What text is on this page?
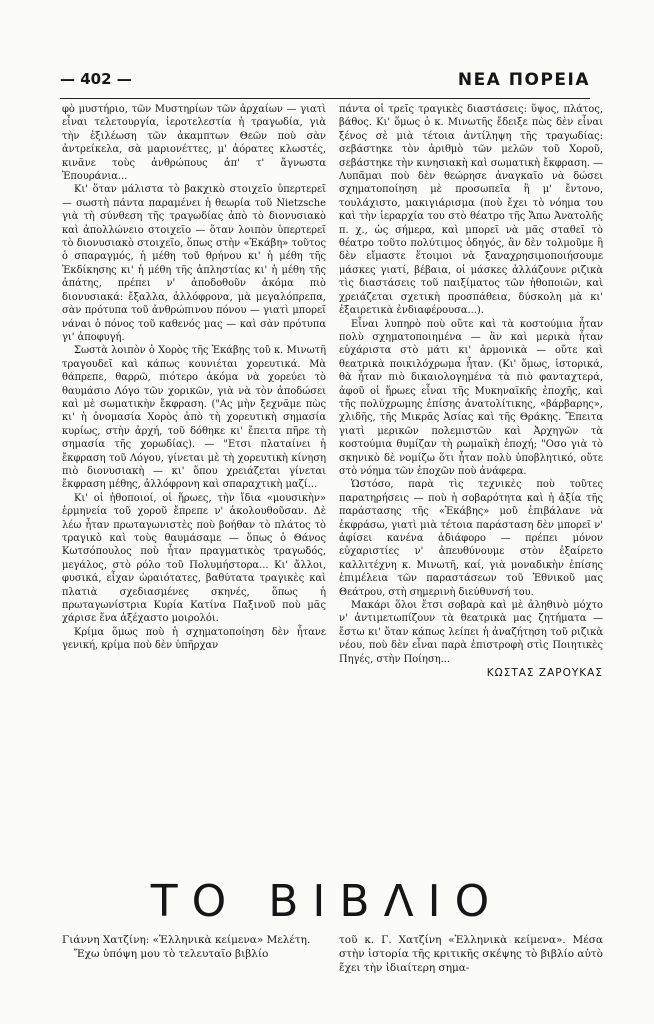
— 402 —	ΝΕΑ ΠΟΡΕΙΑ

φὸ μυστήριο, τῶν Μυστηρίων τῶν ἀρχαίων — γιατὶ εἶναι τελετουργία, ἱεροτελεστία ἡ τραγωδία, γιὰ τὴν ἐξιλέωση τῶν ἀκαμπτων Θεῶν ποὺ σὰν ἀντρείκελα, σὰ μαριονέττες, μ' ἀόρατες κλωστές, κινᾶνε τοὺς ἀνθρώπους ἀπ' τ' ἄγνωστα Ἐπουράνια...

Κι' ὅταν μάλιστα τὸ βακχικὸ στοιχεῖο ὑπερτερεῖ — σωστὴ πάντα παραμένει ἡ θεωρία τοῦ Nietzsche γιὰ τὴ σύνθεση τῆς τραγωδίας ἀπὸ τὸ διονυσιακὸ καὶ ἀπολλώνειο στοιχεῖο — ὅταν λοιπὸν ὑπερτερεῖ τὸ διονυσιακὸ στοιχεῖο, ὅπως στὴν «Ἑκάβη» τοῦτος ὁ σπαραγμός, ἡ μέθη τοῦ θρήνου κι' ἡ μέθη τῆς Ἐκδίκησης κι' ἡ μέθη τῆς ἀπληστίας κι' ἡ μέθη τῆς ἀπάτης, πρέπει ν' ἀποδοθοῦν ἀκόμα πιὸ διονυσιακά: ἔξαλλα, ἀλλόφρονα, μὰ μεγαλόπρεπα, σὰν πρότυπα τοῦ ἀνθρώπινου πόνου — γιατὶ μπορεῖ νάναι ὁ πόνος τοῦ καθενός μας — καὶ σὰν πρότυπα γι' ἀποφυγή.

Σωστὰ λοιπὸν ὁ Χορὸς τῆς Ἑκάβης τοῦ κ. Μινωτῆ τραγουδεῖ καὶ κάπως κουνιέται χορευτικά. Μὰ θάπρεπε, θαρρῶ, πιότερο ἀκόμα νὰ χορεύει τὸ θαυμάσιο Λόγο τῶν χορικῶν, γιὰ νὰ τὸν ἀποδώσει καὶ μὲ σωματικὴν ἔκφραση. ("Ας μὴν ξεχνᾶμε πὼς κι' ἡ ὀνομασία Χορὸς ἀπὸ τὴ χορευτικὴ σημασία κυρίως, στὴν ἀρχή, τοῦ δόθηκε κι' ἔπειτα πῆρε τὴ σημασία τῆς χορωδίας). — "Ετσι πλαταίνει ἡ ἔκφραση τοῦ Λόγου, γίνεται μὲ τὴ χορευτικὴ κίνηση πιὸ διονυσιακὴ — κι' ὅπου χρειάζεται γίνεται ἔκφραση μέθης, ἀλλόφρονη καὶ σπαραχτικὴ μαζί...

Κι' οἱ ἠθοποιοί, οἱ ἥρωες, τὴν ἴδια «μουσικὴν» ἑρμηνεία τοῦ χοροῦ ἔπρεπε ν' ἀκολουθοῦσαν. Δὲ λέω ἦταν πρωταγωνιστὲς ποὺ βοήθαν τὸ πλάτος τὸ τραγικὸ καὶ τοὺς θαυμάσαμε — ὅπως ὁ Θάνος Κωτσόπουλος ποὺ ἦταν πραγματικὸς τραγωδός, μεγάλος, στὸ ρόλο τοῦ Πολυμήστορα... Κι' ἄλλοι, φυσικά, εἶχαν ὡραιότατες, βαθύτατα τραγικὲς καὶ πλατιὰ σχεδιασμένες σκηνές, ὅπως ἡ πρωταγωνίστρια Κυρία Κατίνα Παξινοῦ ποὺ μᾶς χάρισε ἕνα ἀξέχαστο μοιρολόι.

Κρίμα ὅμως ποὺ ἡ σχηματοποίηση δὲν ἦτανε γενική, κρίμα ποὺ δὲν ὑπῆρχαν

πάντα οἱ τρεῖς τραγικὲς διαστάσεις: ὕψος, πλάτος, βάθος. Κι' ὅμως ὁ κ. Μινωτῆς ἔδειξε πὼς δὲν εἶναι ξένος σὲ μιὰ τέτοια ἀντίληψη τῆς τραγωδίας: σεβάστηκε τὸν ἀριθμὸ τῶν μελῶν τοῦ Χοροῦ, σεβάστηκε τὴν κινησιακὴ καὶ σωματικὴ ἔκφραση. — Λυπᾶμαι ποὺ δὲν θεώρησε ἀναγκαῖο νὰ δώσει σχηματοποίηση μὲ προσωπεῖα ἢ μ' ἔντονο, τουλάχιστο, μακιγιάρισμα (ποὺ ἔχει τὸ νόημα του καὶ τὴν ἱεραρχία του στὸ θέατρο τῆς Ἄπω Ἀνατολῆς π. χ., ὡς σήμερα, καὶ μπορεῖ νὰ μᾶς σταθεῖ τὸ θέατρο τοῦτο πολύτιμος ὁδηγός, ἂν δὲν τολμοῦμε ἢ δὲν εἴμαστε ἕτοιμοι νὰ ξαναχρησιμοποιήσουμε μάσκες γιατί, βέβαια, οἱ μάσκες ἀλλάζουνε ριζικὰ τὶς διαστάσεις τοῦ παιξίματος τῶν ἠθοποιῶν, καὶ χρειάζεται σχετικὴ προσπάθεια, δύσκολη μὰ κι' ἐξαιρετικὰ ἐνδιαφέρουσα...).

Εἶναι λυπηρὸ ποὺ οὔτε καὶ τὰ κοστούμια ἦταν πολὺ σχηματοποιημένα — ἂν καὶ μερικὰ ἦταν εὐχάριστα στὸ μάτι κι' ἁρμονικὰ — οὔτε καὶ θεατρικὰ ποικιλόχρωμα ἦταν. (Κι' ὅμως, ἱστορικά, θὰ ἦταν πιὸ δικαιολογημένα τὰ πιὸ φανταχτερά, ἀφοῦ οἱ ἥρωες εἶναι τῆς Μυκηναϊκῆς ἐποχῆς, καὶ τῆς πολύχρωμης ἐπίσης ἀνατολίτικης, «βάρβαρης», χλιδῆς, τῆς Μικρᾶς Ἀσίας καὶ τῆς Θράκης. Ἔπειτα γιατὶ μερικῶν πολεμιστῶν καὶ Ἀρχηγῶν τὰ κοστούμια θυμίζαν τὴ ρωμαϊκὴ ἐποχή; "Οσο γιὰ τὸ σκηνικὸ δὲ νομίζω ὅτι ἦταν πολὺ ὑποβλητικό, οὔτε στὸ νόημα τῶν ἐποχῶν ποὺ ἀνάφερα.

Ὡστόσο, παρὰ τὶς τεχνικὲς ποὺ τοῦτες παρατηρήσεις — ποὺ ἡ σοβαρότητα καὶ ἡ ἀξία τῆς παράστασης τῆς «Ἑκάβης» μοῦ ἐπιβάλανε νὰ ἐκφράσω, γιατὶ μιὰ τέτοια παράσταση δὲν μπορεῖ ν' ἀφίσει κανένα ἀδιάφορο — πρέπει μόνον εὐχαριστίες ν' ἀπευθύνουμε στὸν ἐξαίρετο καλλιτέχνη κ. Μινωτῆ, καί, γιὰ μοναδικὴν ἐπίσης ἐπιμέλεια τῶν παραστάσεων τοῦ Ἐθνικοῦ μας Θεάτρου, στὴ σημερινὴ διεύθυνσή του.

Μακάρι ὅλοι ἔτσι σοβαρὰ καὶ μὲ ἀληθινὸ μόχτο ν' ἀντιμετωπίζουν τὰ θεατρικὰ μας ζητήματα — ἔστω κι' ὅταν κάπως λείπει ἡ ἀναζήτηση τοῦ ριζικὰ νέου, ποὺ δὲν εἶναι παρὰ ἐπιστροφὴ στὶς Ποιητικὲς Πηγές, στὴν Ποίηση...

ΚΩΣΤΑΣ ΖΑΡΟΥΚΑΣ
ΤΟ ΒΙΒΛΙΟ

Γιάννη Χατζίνη: «Ἑλληνικὰ κείμενα» Μελέτη.

Ἔχω ὑπόψη μου τὸ τελευταῖο βιβλίο

τοῦ κ. Γ. Χατζίνη «Ἑλληνικὰ κείμενα». Μέσα στὴν ἱστορία τῆς κριτικῆς σκέψης τὸ βιβλίο αὐτὸ ἔχει τὴν ἰδιαίτερη σημα-
